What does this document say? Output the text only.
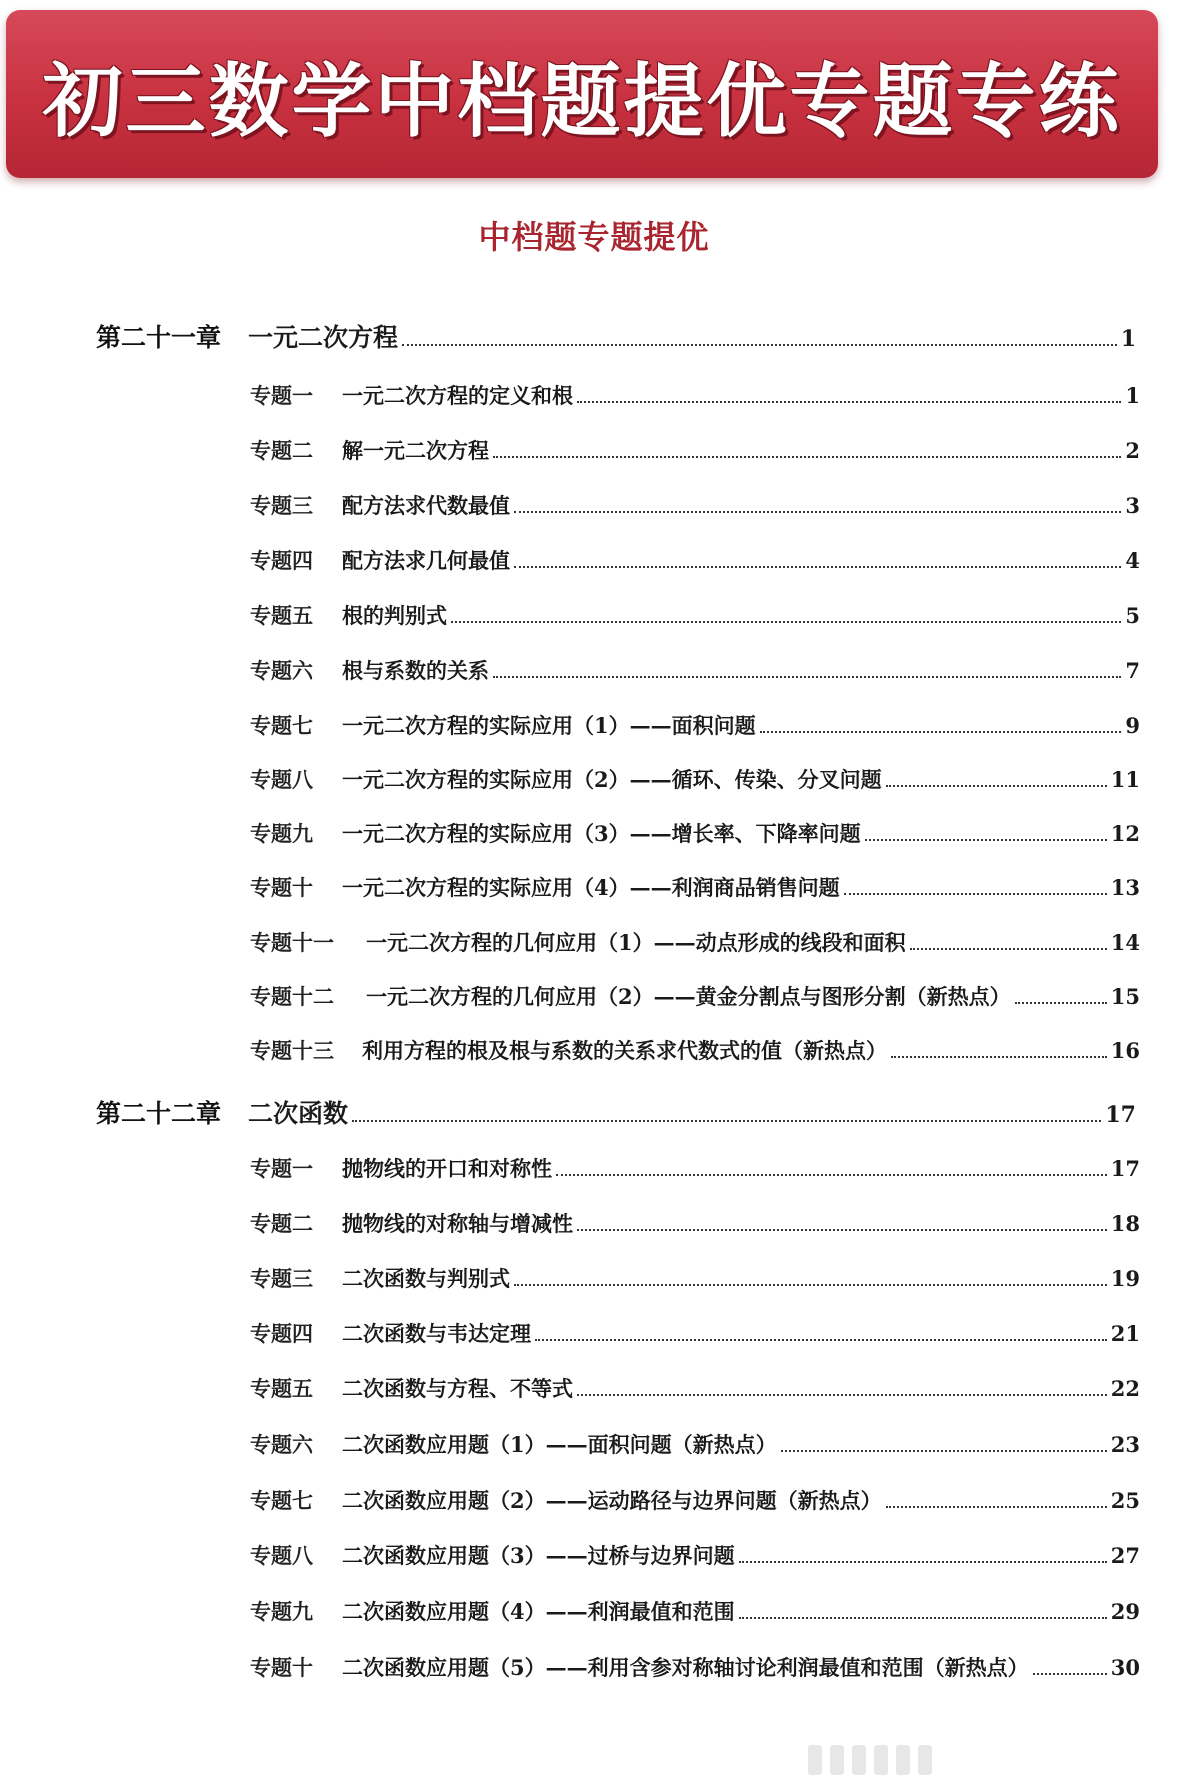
初三数学中档题提优专题专练
中档题专题提优
第二十一章	一元二次方程	1
专题一	一元二次方程的定义和根	1
专题二	解一元二次方程	2
专题三	配方法求代数最值	3
专题四	配方法求几何最值	4
专题五	根的判别式	5
专题六	根与系数的关系	7
专题七	一元二次方程的实际应用（1）——面积问题	9
专题八	一元二次方程的实际应用（2）——循环、传染、分叉问题	11
专题九	一元二次方程的实际应用（3）——增长率、下降率问题	12
专题十	一元二次方程的实际应用（4）——利润商品销售问题	13
专题十一	一元二次方程的几何应用（1）——动点形成的线段和面积	14
专题十二	一元二次方程的几何应用（2）——黄金分割点与图形分割（新热点）	15
专题十三	利用方程的根及根与系数的关系求代数式的值（新热点）	16
第二十二章	二次函数	17
专题一	抛物线的开口和对称性	17
专题二	抛物线的对称轴与增减性	18
专题三	二次函数与判别式	19
专题四	二次函数与韦达定理	21
专题五	二次函数与方程、不等式	22
专题六	二次函数应用题（1）——面积问题（新热点）	23
专题七	二次函数应用题（2）——运动路径与边界问题（新热点）	25
专题八	二次函数应用题（3）——过桥与边界问题	27
专题九	二次函数应用题（4）——利润最值和范围	29
专题十	二次函数应用题（5）——利用含参对称轴讨论利润最值和范围（新热点）	30
